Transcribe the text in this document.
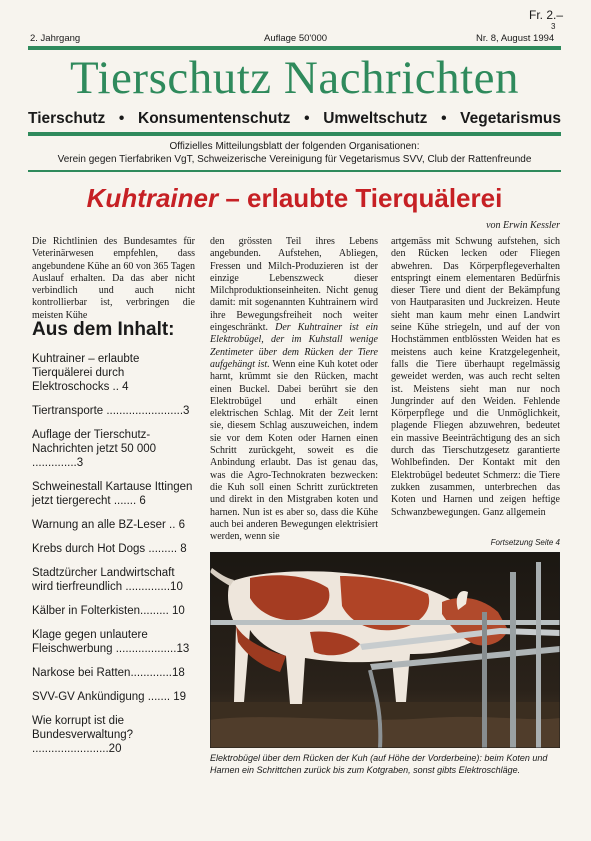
Fr. 2.–
3
2. Jahrgang	Auflage 50'000	Nr. 8, August 1994
Tierschutz Nachrichten
Tierschutz • Konsumentenschutz • Umweltschutz • Vegetarismus
Offizielles Mitteilungsblatt der folgenden Organisationen:
Verein gegen Tierfabriken VgT, Schweizerische Vereinigung für Vegetarismus SVV, Club der Rattenfreunde
Kuhtrainer – erlaubte Tierquälerei
von Erwin Kessler

Die Richtlinien des Bundesamtes für Veterinärwesen empfehlen, dass angebundene Kühe an 60 von 365 Tagen Auslauf erhalten. Da das aber nicht verbindlich und auch nicht kontrollierbar ist, verbringen die meisten Kühe

Aus dem Inhalt:
Kuhtrainer – erlaubte Tierquälerei durch Elektroschocks .. 4
Tiertransporte ........................3
Auflage der Tierschutz-Nachrichten jetzt 50 000 ..............3
Schweinestall Kartause Ittingen jetzt tiergerecht ....... 6
Warnung an alle BZ-Leser .. 6
Krebs durch Hot Dogs ......... 8
Stadtzürcher Landwirtschaft wird tierfreundlich ..............10
Kälber in Folterkisten......... 10
Klage gegen unlautere Fleischwerbung ...................13
Narkose bei Ratten.............18
SVV-GV Ankündigung ....... 19
Wie korrupt ist die Bundesverwaltung? ........................20

den grössten Teil ihres Lebens angebunden. Aufstehen, Abliegen, Fressen und Milch-Produzieren ist der einzige Lebenszweck dieser Milchproduktionseinheiten. Nicht genug damit: mit sogenannten Kuhtrainern wird ihre Bewegungsfreiheit noch weiter eingeschränkt. Der Kuhtrainer ist ein Elektrobügel, der im Kuhstall wenige Zentimeter über dem Rücken der Tiere aufgehängt ist. Wenn eine Kuh kotet oder harnt, krümmt sie den Rücken, macht einen Buckel. Dabei berührt sie den Elektrobügel und erhält einen elektrischen Schlag. Mit der Zeit lernt sie, diesem Schlag auszuweichen, indem sie vor dem Koten oder Harnen einen Schritt zurückgeht, soweit es die Anbindung erlaubt. Das ist genau das, was die Agro-Technokraten bezwecken: die Kuh soll einen Schritt zurücktreten und direkt in den Mistgraben koten und harnen. Nun ist es aber so, dass die Kühe auch bei anderen Bewegungen elektrisiert werden, wenn sie

artgemäss mit Schwung aufstehen, sich den Rücken lecken oder Fliegen abwehren. Das Körperpflegeverhalten entspringt einem elementaren Bedürfnis dieser Tiere und dient der Bekämpfung von Hautparasiten und Juckreizen. Heute sieht man kaum mehr einen Landwirt seine Kühe striegeln, und auf der von Hochstämmen entblössten Weiden hat es meistens auch keine Kratzgelegenheit, falls die Tiere überhaupt regelmässig geweidet werden, was auch recht selten ist. Meistens sieht man nur noch Jungrinder auf den Weiden. Fehlende Körperpflege und die Unmöglichkeit, plagende Fliegen abzuwehren, bedeutet ein massive Beeinträchtigung des an sich durch das Tierschutzgesetz garantierte Wohlbefinden. Der Kontakt mit den Elektrobügel bedeutet Schmerz: die Tiere zukken zusammen, unterbrechen das Koten und Harnen und zeigen heftige Schwanzbewegungen. Ganz allgemein

Fortsetzung Seite 4
Elektrobügel über dem Rücken der Kuh (auf Höhe der Vorderbeine): beim Koten und Harnen ein Schrittchen zurück bis zum Kotgraben, sonst gibts Elektroschläge.
